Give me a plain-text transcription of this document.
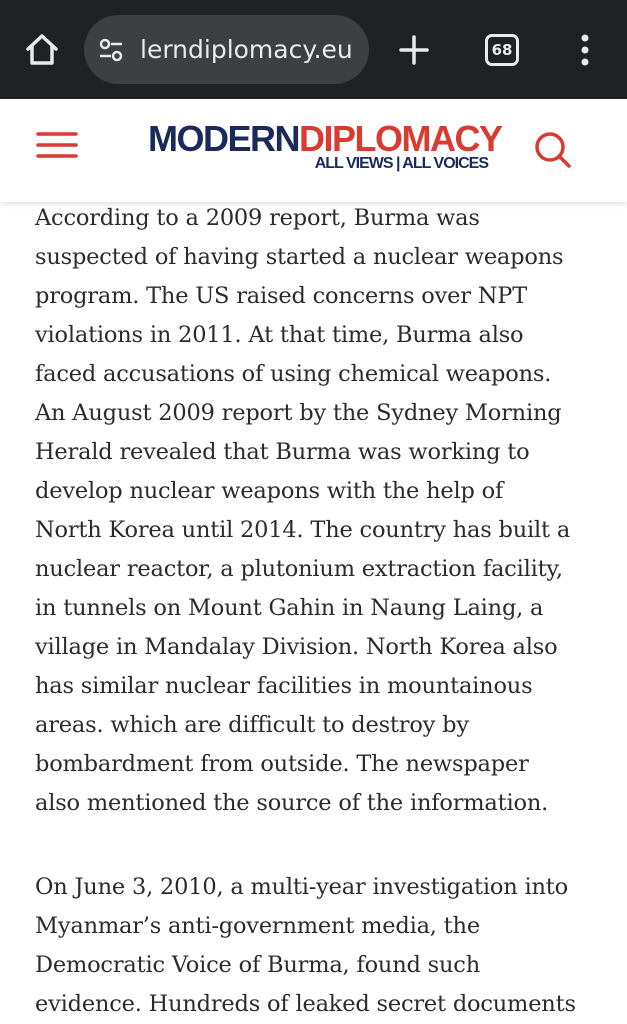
lerndiplomacy.eu	68
MODERNDIPLOMACY
ALL VIEWS | ALL VOICES

According to a 2009 report, Burma was
suspected of having started a nuclear weapons
program. The US raised concerns over NPT
violations in 2011. At that time, Burma also
faced accusations of using chemical weapons.
An August 2009 report by the Sydney Morning
Herald revealed that Burma was working to
develop nuclear weapons with the help of
North Korea until 2014. The country has built a
nuclear reactor, a plutonium extraction facility,
in tunnels on Mount Gahin in Naung Laing, a
village in Mandalay Division. North Korea also
has similar nuclear facilities in mountainous
areas. which are difficult to destroy by
bombardment from outside. The newspaper
also mentioned the source of the information.

On June 3, 2010, a multi-year investigation into
Myanmar’s anti-government media, the
Democratic Voice of Burma, found such
evidence. Hundreds of leaked secret documents
